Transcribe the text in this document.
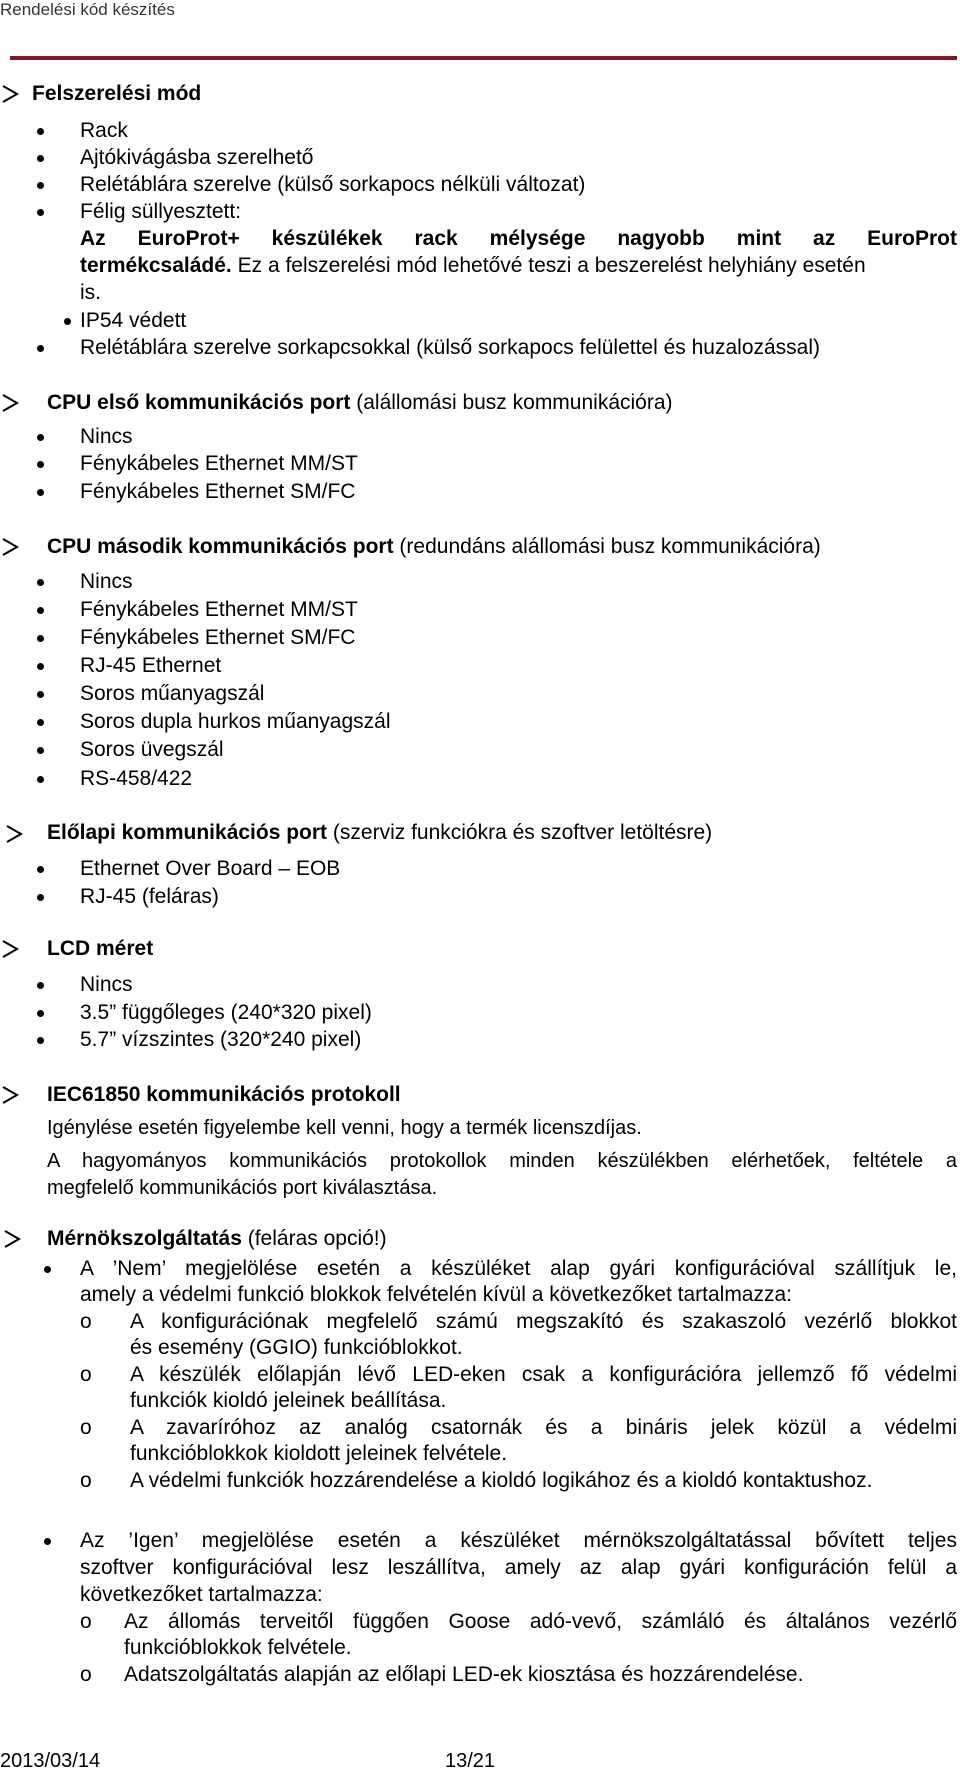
Rendelési kód készítés
Felszerelési mód
Rack
Ajtókivágásba szerelhető
Relétáblára szerelve (külső sorkapocs nélküli változat)
Félig süllyesztett:
Az EuroProt+ készülékek rack mélysége nagyobb mint az EuroProt
termékcsaládé. Ez a felszerelési mód lehetővé teszi a beszerelést helyhiány esetén
is.
IP54 védett
Relétáblára szerelve sorkapcsokkal (külső sorkapocs felülettel és huzalozással)
CPU első kommunikációs port (alállomási busz kommunikációra)
Nincs
Fénykábeles Ethernet MM/ST
Fénykábeles Ethernet SM/FC
CPU második kommunikációs port (redundáns alállomási busz kommunikációra)
Nincs
Fénykábeles Ethernet MM/ST
Fénykábeles Ethernet SM/FC
RJ-45 Ethernet
Soros műanyagszál
Soros dupla hurkos műanyagszál
Soros üvegszál
RS-458/422
Előlapi kommunikációs port (szerviz funkciókra és szoftver letöltésre)
Ethernet Over Board – EOB
RJ-45 (feláras)
LCD méret
Nincs
3.5” függőleges (240*320 pixel)
5.7” vízszintes (320*240 pixel)
IEC61850 kommunikációs protokoll
Igénylése esetén figyelembe kell venni, hogy a termék licenszdíjas.
A hagyományos kommunikációs protokollok minden készülékben elérhetőek, feltétele a
megfelelő kommunikációs port kiválasztása.
Mérnökszolgáltatás (feláras opció!)
A ’Nem’ megjelölése esetén a készüléket alap gyári konfigurációval szállítjuk le,
amely a védelmi funkció blokkok felvételén kívül a következőket tartalmazza:
o A konfigurációnak megfelelő számú megszakító és szakaszoló vezérlő blokkot
és esemény (GGIO) funkcióblokkot.
o A készülék előlapján lévő LED-eken csak a konfigurációra jellemző fő védelmi
funkciók kioldó jeleinek beállítása.
o A zavaríróhoz az analóg csatornák és a bináris jelek közül a védelmi
funkcióblokkok kioldott jeleinek felvétele.
o A védelmi funkciók hozzárendelése a kioldó logikához és a kioldó kontaktushoz.
Az ’Igen’ megjelölése esetén a készüléket mérnökszolgáltatással bővített teljes
szoftver konfigurációval lesz leszállítva, amely az alap gyári konfiguráción felül a
következőket tartalmazza:
o Az állomás terveitől függően Goose adó-vevő, számláló és általános vezérlő
funkcióblokkok felvétele.
o Adatszolgáltatás alapján az előlapi LED-ek kiosztása és hozzárendelése.
2013/03/14	13/21
